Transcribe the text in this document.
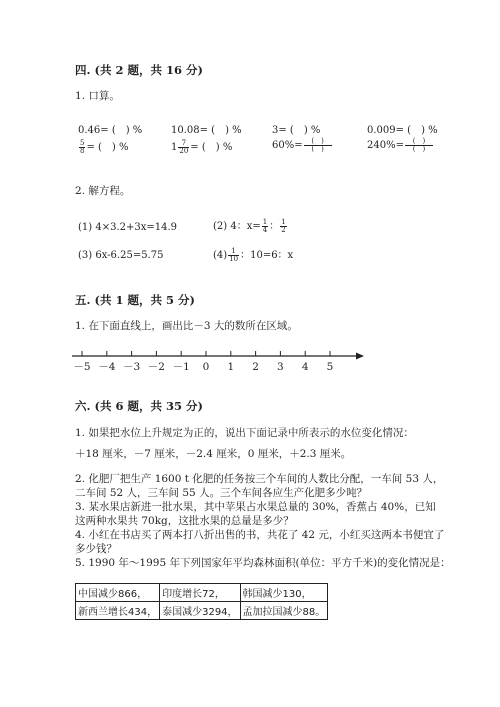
四. (共 2 题，共 16 分)
1. 口算。
0.46= (　) %	10.08= (　) %	3= (　) %	0.009= (　) %
$\frac{5}{8}$ = (　) %	$1 \frac{7}{20}$ = (　) %	$60\%= \frac{( )}{( )}$	$240\%= \frac{( )}{( )}$
2. 解方程。
(1) 4×3.2+3x=14.9	(2) 4：$x= \frac{1}{4}$ ： $\frac{1}{2}$
(3) 6x-6.25=5.75	$(4) \frac{1}{10}$ ：10=6：x
五. (共 1 题，共 5 分)
1. 在下面直线上，画出比－3 大的数所在区域。
－5 －4 －3 －2 －1 0 1 2 3 4 5
六. (共 6 题，共 35 分)
1. 如果把水位上升规定为正的，说出下面记录中所表示的水位变化情况：
＋18 厘米，－7 厘米，－2.4 厘米，0 厘米，＋2.3 厘米。
2. 化肥厂把生产 1600 t 化肥的任务按三个车间的人数比分配，一车间 53 人，
二车间 52 人，三车间 55 人。三个车间各应生产化肥多少吨？
3. 某水果店新进一批水果，其中苹果占水果总量的 30%，香蕉占 40%，已知
这两种水果共 70kg，这批水果的总量是多少？
4. 小红在书店买了两本打八折出售的书，共花了 42 元，小红买这两本书便宜了
多少钱？
5. 1990 年～1995 年下列国家年平均森林面积(单位：平方千米)的变化情况是：
中国减少866，	印度增长72，	韩国减少130，
新西兰增长434，	泰国减少3294，	孟加拉国减少88。
